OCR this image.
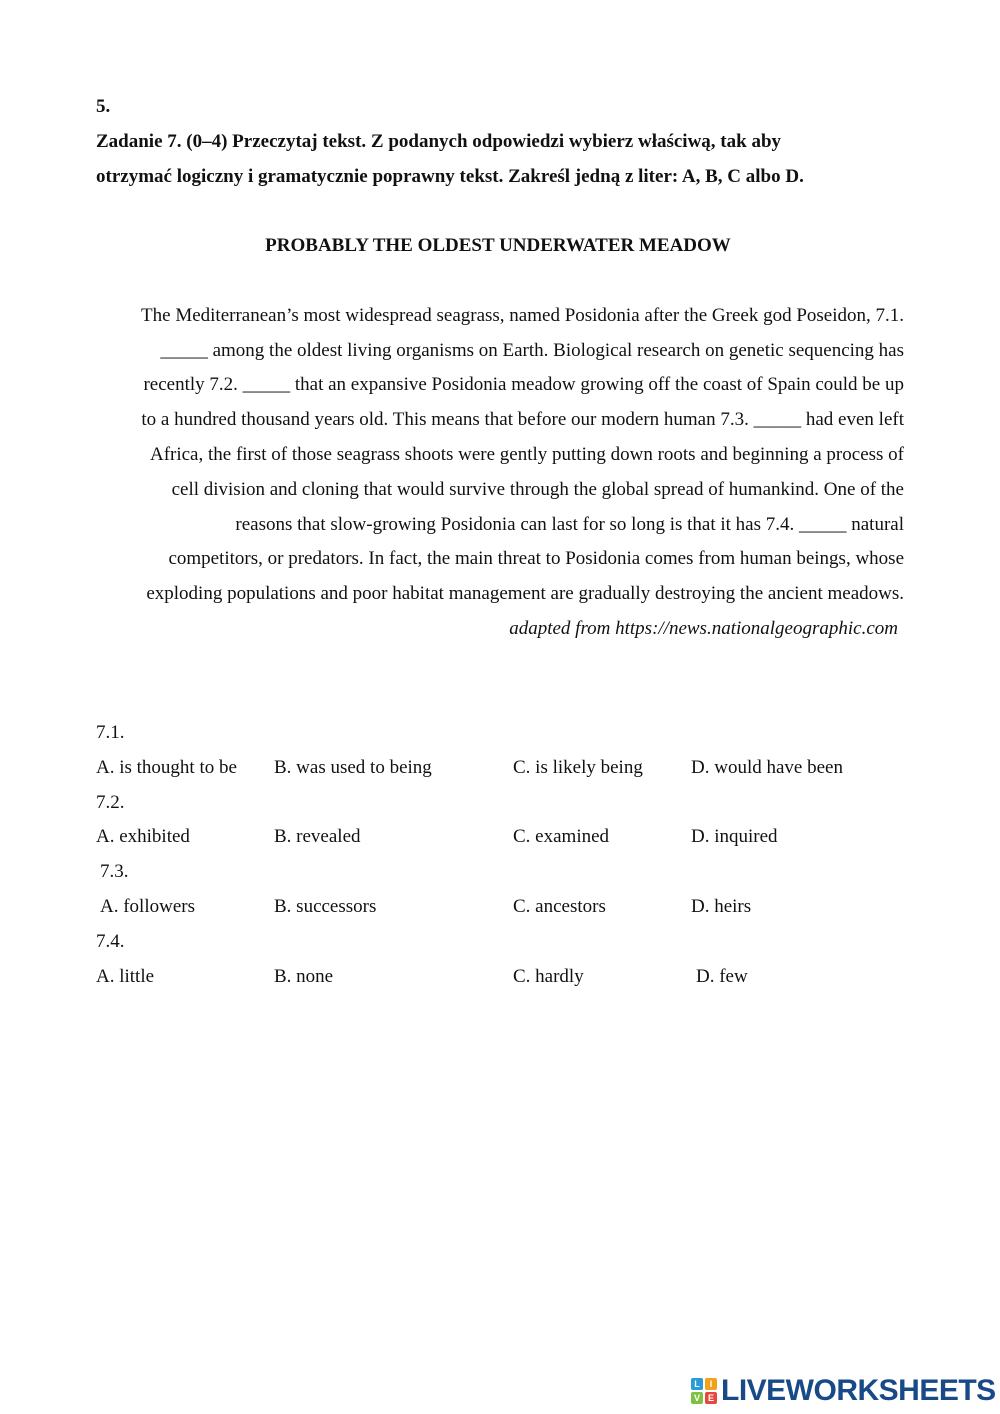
5.
Zadanie 7. (0–4) Przeczytaj tekst. Z podanych odpowiedzi wybierz właściwą, tak aby
otrzymać logiczny i gramatycznie poprawny tekst. Zakreśl jedną z liter: A, B, C albo D.
PROBABLY THE OLDEST UNDERWATER MEADOW
The Mediterranean’s most widespread seagrass, named Posidonia after the Greek god Poseidon, 7.1.
_____ among the oldest living organisms on Earth. Biological research on genetic sequencing has
recently 7.2. _____ that an expansive Posidonia meadow growing off the coast of Spain could be up
to a hundred thousand years old. This means that before our modern human 7.3. _____ had even left
Africa, the first of those seagrass shoots were gently putting down roots and beginning a process of
cell division and cloning that would survive through the global spread of humankind. One of the
reasons that slow-growing Posidonia can last for so long is that it has 7.4. _____ natural
competitors, or predators. In fact, the main threat to Posidonia comes from human beings, whose
exploding populations and poor habitat management are gradually destroying the ancient meadows.
adapted from https://news.nationalgeographic.com
7.1.
A. is thought to be B. was used to being	C. is likely being	D. would have been
7.2.
A. exhibited	B. revealed	C. examined	D. inquired
7.3.
A. followers	B. successors	C. ancestors	D. heirs
7.4.
A. little	B. none	C. hardly	D. few
L	I
V E LIVEWORKSHEETS
